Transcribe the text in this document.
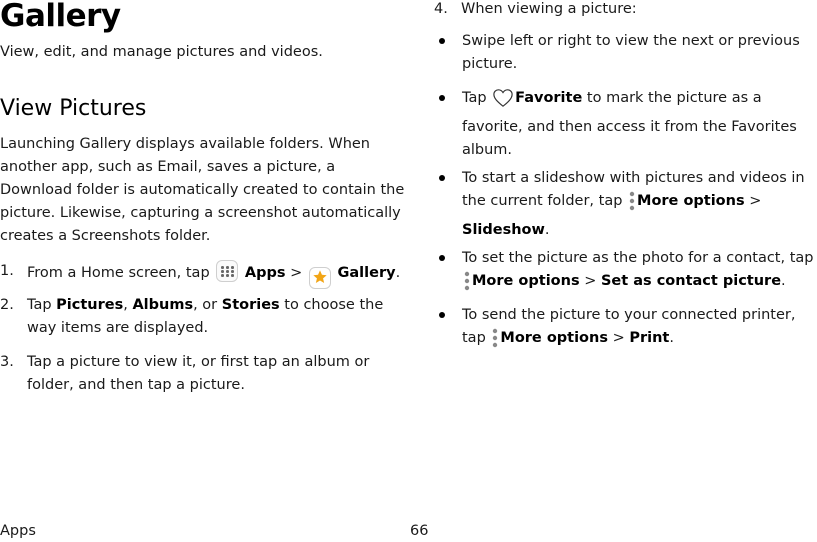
Gallery
View, edit, and manage pictures and videos.
View Pictures
Launching Gallery displays available folders. When another app, such as Email, saves a picture, a Download folder is automatically created to contain the picture. Likewise, capturing a screenshot automatically creates a Screenshots folder.
1. From a Home screen, tap Apps > Gallery.
2. Tap Pictures, Albums, or Stories to choose the way items are displayed.
3. Tap a picture to view it, or first tap an album or folder, and then tap a picture.
Apps	66
4. When viewing a picture:
Swipe left or right to view the next or previous picture.
Tap Favorite to mark the picture as a favorite, and then access it from the Favorites album.
To start a slideshow with pictures and videos in the current folder, tap More options > Slideshow.
To set the picture as the photo for a contact, tap More options > Set as contact picture.
To send the picture to your connected printer, tap More options > Print.
